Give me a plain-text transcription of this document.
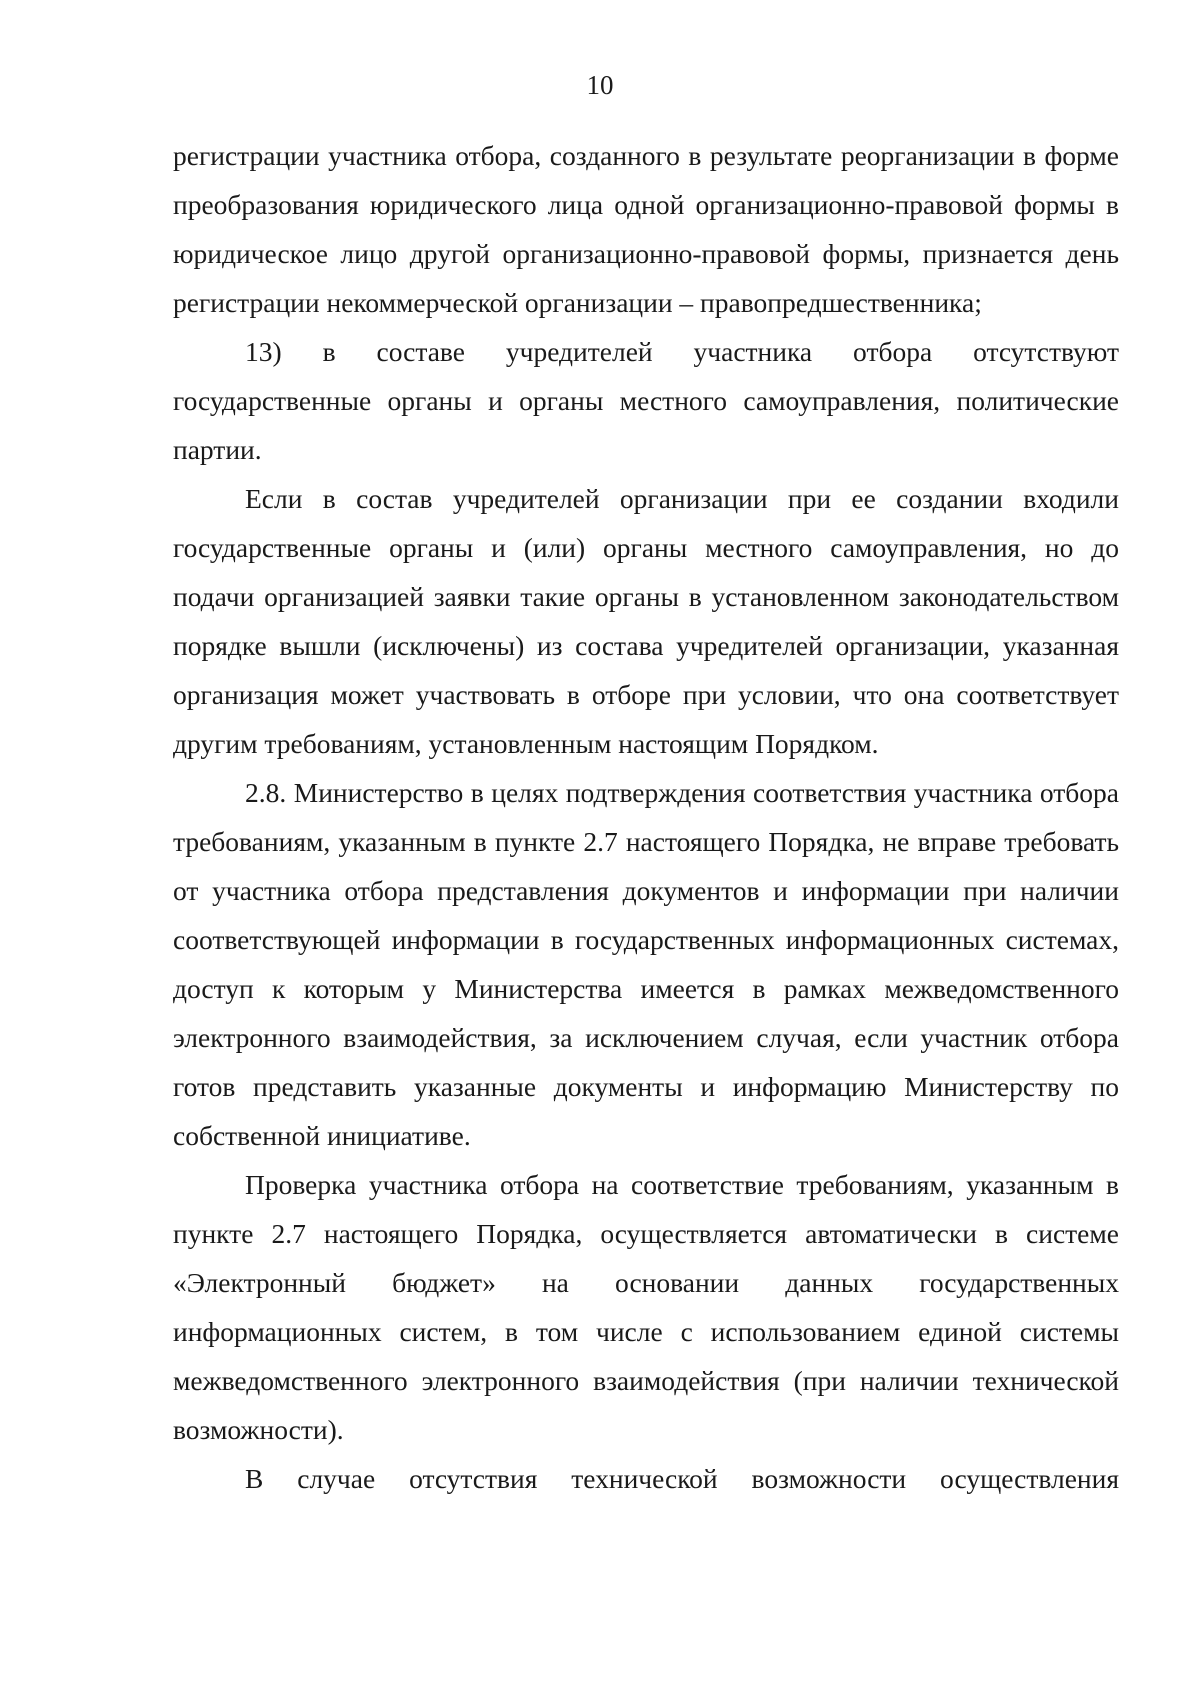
10

регистрации участника отбора, созданного в результате реорганизации в форме преобразования юридического лица одной организационно-правовой формы в юридическое лицо другой организационно-правовой формы, признается день регистрации некоммерческой организации – правопредшественника;

13) в составе учредителей участника отбора отсутствуют государственные органы и органы местного самоуправления, политические партии.

Если в состав учредителей организации при ее создании входили государственные органы и (или) органы местного самоуправления, но до подачи организацией заявки такие органы в установленном законодательством порядке вышли (исключены) из состава учредителей организации, указанная организация может участвовать в отборе при условии, что она соответствует другим требованиям, установленным настоящим Порядком.

2.8. Министерство в целях подтверждения соответствия участника отбора требованиям, указанным в пункте 2.7 настоящего Порядка, не вправе требовать от участника отбора представления документов и информации при наличии соответствующей информации в государственных информационных системах, доступ к которым у Министерства имеется в рамках межведомственного электронного взаимодействия, за исключением случая, если участник отбора готов представить указанные документы и информацию Министерству по собственной инициативе.

Проверка участника отбора на соответствие требованиям, указанным в пункте 2.7 настоящего Порядка, осуществляется автоматически в системе «Электронный бюджет» на основании данных государственных информационных систем, в том числе с использованием единой системы межведомственного электронного взаимодействия (при наличии технической возможности).

В случае отсутствия технической возможности осуществления
